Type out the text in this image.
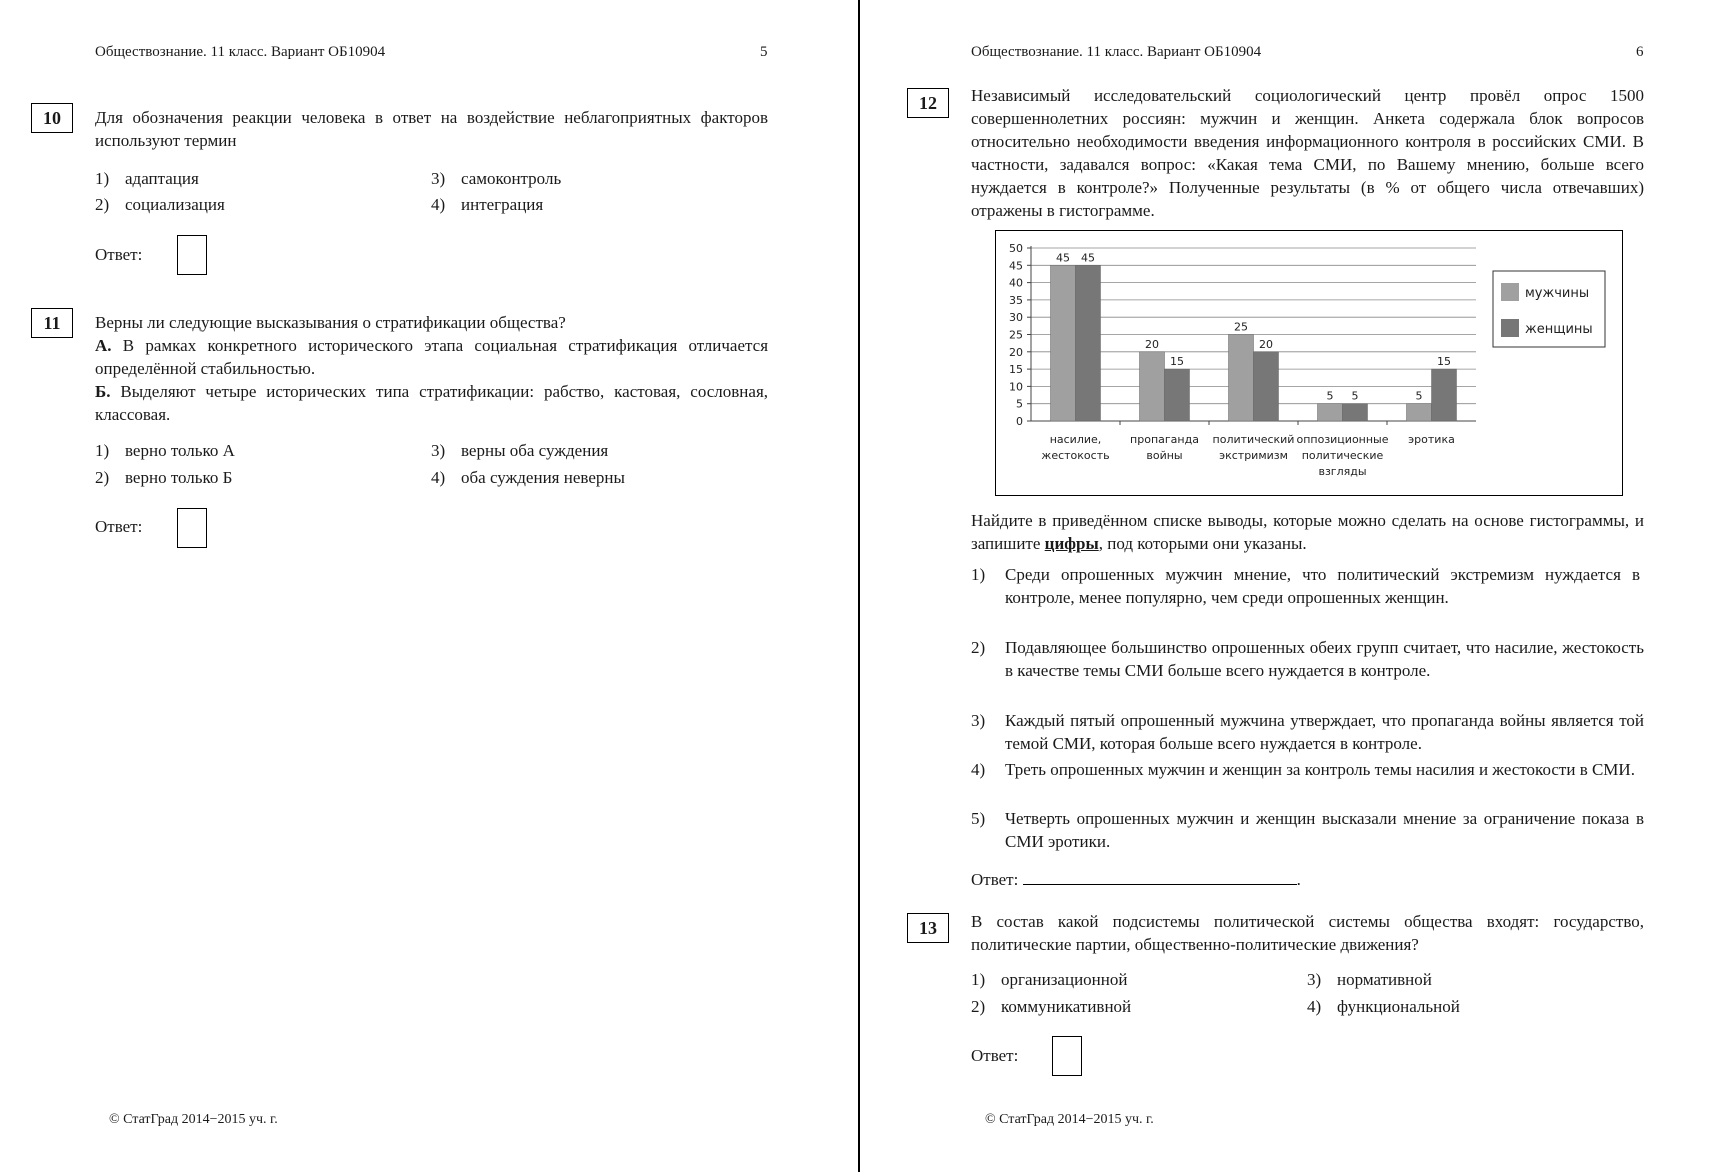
Обществознание. 11 класс. Вариант ОБ10904	5
10	Для обозначения реакции человека в ответ на воздействие неблагоприятных факторов используют термин
1) адаптация
2) социализация
3) самоконтроль
4) интеграция
Ответ:
11	Верны ли следующие высказывания о стратификации общества?

А. В рамках конкретного исторического этапа социальная стратификация отличается определённой стабильностью.

Б. Выделяют четыре исторических типа стратификации: рабство, кастовая, сословная, классовая.

1) верно только А
2) верно только Б
3) верны оба суждения
4) оба суждения неверны
Ответ:
© СтатГрад 2014−2015 уч. г.
Обществознание. 11 класс. Вариант ОБ10904	6
12	Независимый исследовательский социологический центр провёл опрос 1500 совершеннолетних россиян: мужчин и женщин. Анкета содержала блок вопросов относительно необходимости введения информационного контроля в российских СМИ. В частности, задавался вопрос: «Какая тема СМИ, по Вашему мнению, больше всего нуждается в контроле?» Полученные результаты (в % от общего числа отвечавших) отражены в гистограмме.
0
5
10
15
20
25
30
35
40
45
50
45 45
насилие,
жестокость
20
15
пропаганда
войны
25
20
политический
экстримизм
5 5
оппозиционные
политические
взгляды
5
15
эротика
мужчины
женщины
Найдите в приведённом списке выводы, которые можно сделать на основе гистограммы, и запишите цифры, под которыми они указаны.
1)	Среди опрошенных мужчин мнение, что политический экстремизм нуждается в контроле, менее популярно, чем среди опрошенных женщин.
2)	Подавляющее большинство опрошенных обеих групп считает, что насилие, жестокость в качестве темы СМИ больше всего нуждается в контроле.
3)	Каждый пятый опрошенный мужчина утверждает, что пропаганда войны является той темой СМИ, которая больше всего нуждается в контроле.
4)	Треть опрошенных мужчин и женщин за контроль темы насилия и жестокости в СМИ.
5)	Четверть опрошенных мужчин и женщин высказали мнение за ограничение показа в СМИ эротики.
Ответ:	.
13	В состав какой подсистемы политической системы общества входят: государство, политические партии, общественно-политические движения?
1) организационной
2) коммуникативной
3) нормативной
4) функциональной
Ответ:
© СтатГрад 2014−2015 уч. г.
